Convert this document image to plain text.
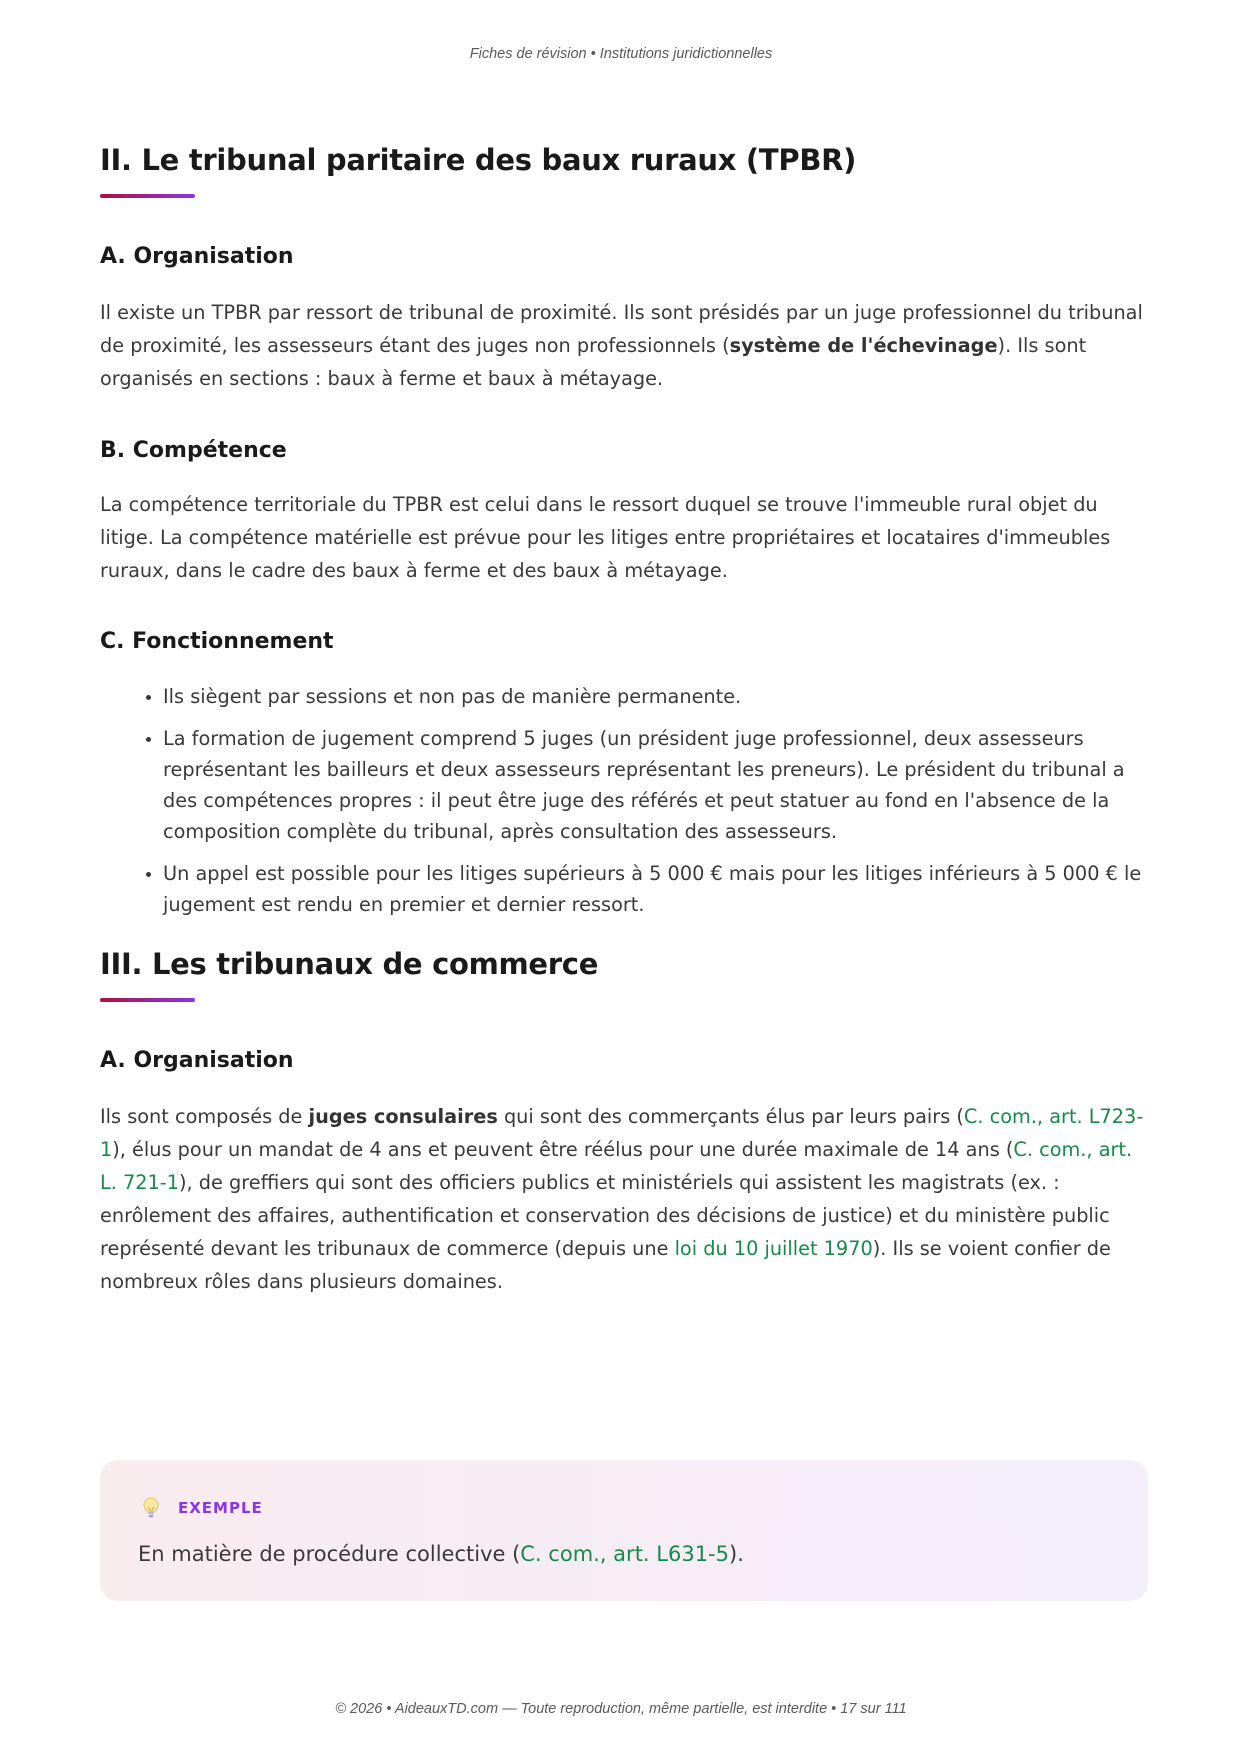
Fiches de révision • Institutions juridictionnelles
II. Le tribunal paritaire des baux ruraux (TPBR)
A. Organisation

Il existe un TPBR par ressort de tribunal de proximité. Ils sont présidés par un juge professionnel du tribunal de proximité, les assesseurs étant des juges non professionnels (système de l'échevinage). Ils sont organisés en sections : baux à ferme et baux à métayage.

B. Compétence

La compétence territoriale du TPBR est celui dans le ressort duquel se trouve l'immeuble rural objet du litige. La compétence matérielle est prévue pour les litiges entre propriétaires et locataires d'immeubles ruraux, dans le cadre des baux à ferme et des baux à métayage.

C. Fonctionnement
• Ils siègent par sessions et non pas de manière permanente.
• La formation de jugement comprend 5 juges (un président juge professionnel, deux assesseurs représentant les bailleurs et deux assesseurs représentant les preneurs). Le président du tribunal a des compétences propres : il peut être juge des référés et peut statuer au fond en l'absence de la composition complète du tribunal, après consultation des assesseurs.
• Un appel est possible pour les litiges supérieurs à 5 000 € mais pour les litiges inférieurs à 5 000 € le jugement est rendu en premier et dernier ressort.
III. Les tribunaux de commerce
A. Organisation

Ils sont composés de juges consulaires qui sont des commerçants élus par leurs pairs (C. com., art. L723-1), élus pour un mandat de 4 ans et peuvent être réélus pour une durée maximale de 14 ans (C. com., art. L. 721-1), de greffiers qui sont des officiers publics et ministériels qui assistent les magistrats (ex. : enrôlement des affaires, authentification et conservation des décisions de justice) et du ministère public représenté devant les tribunaux de commerce (depuis une loi du 10 juillet 1970). Ils se voient confier de nombreux rôles dans plusieurs domaines.

EXEMPLE

En matière de procédure collective (C. com., art. L631-5).

© 2026 • AideauxTD.com — Toute reproduction, même partielle, est interdite • 17 sur 111
